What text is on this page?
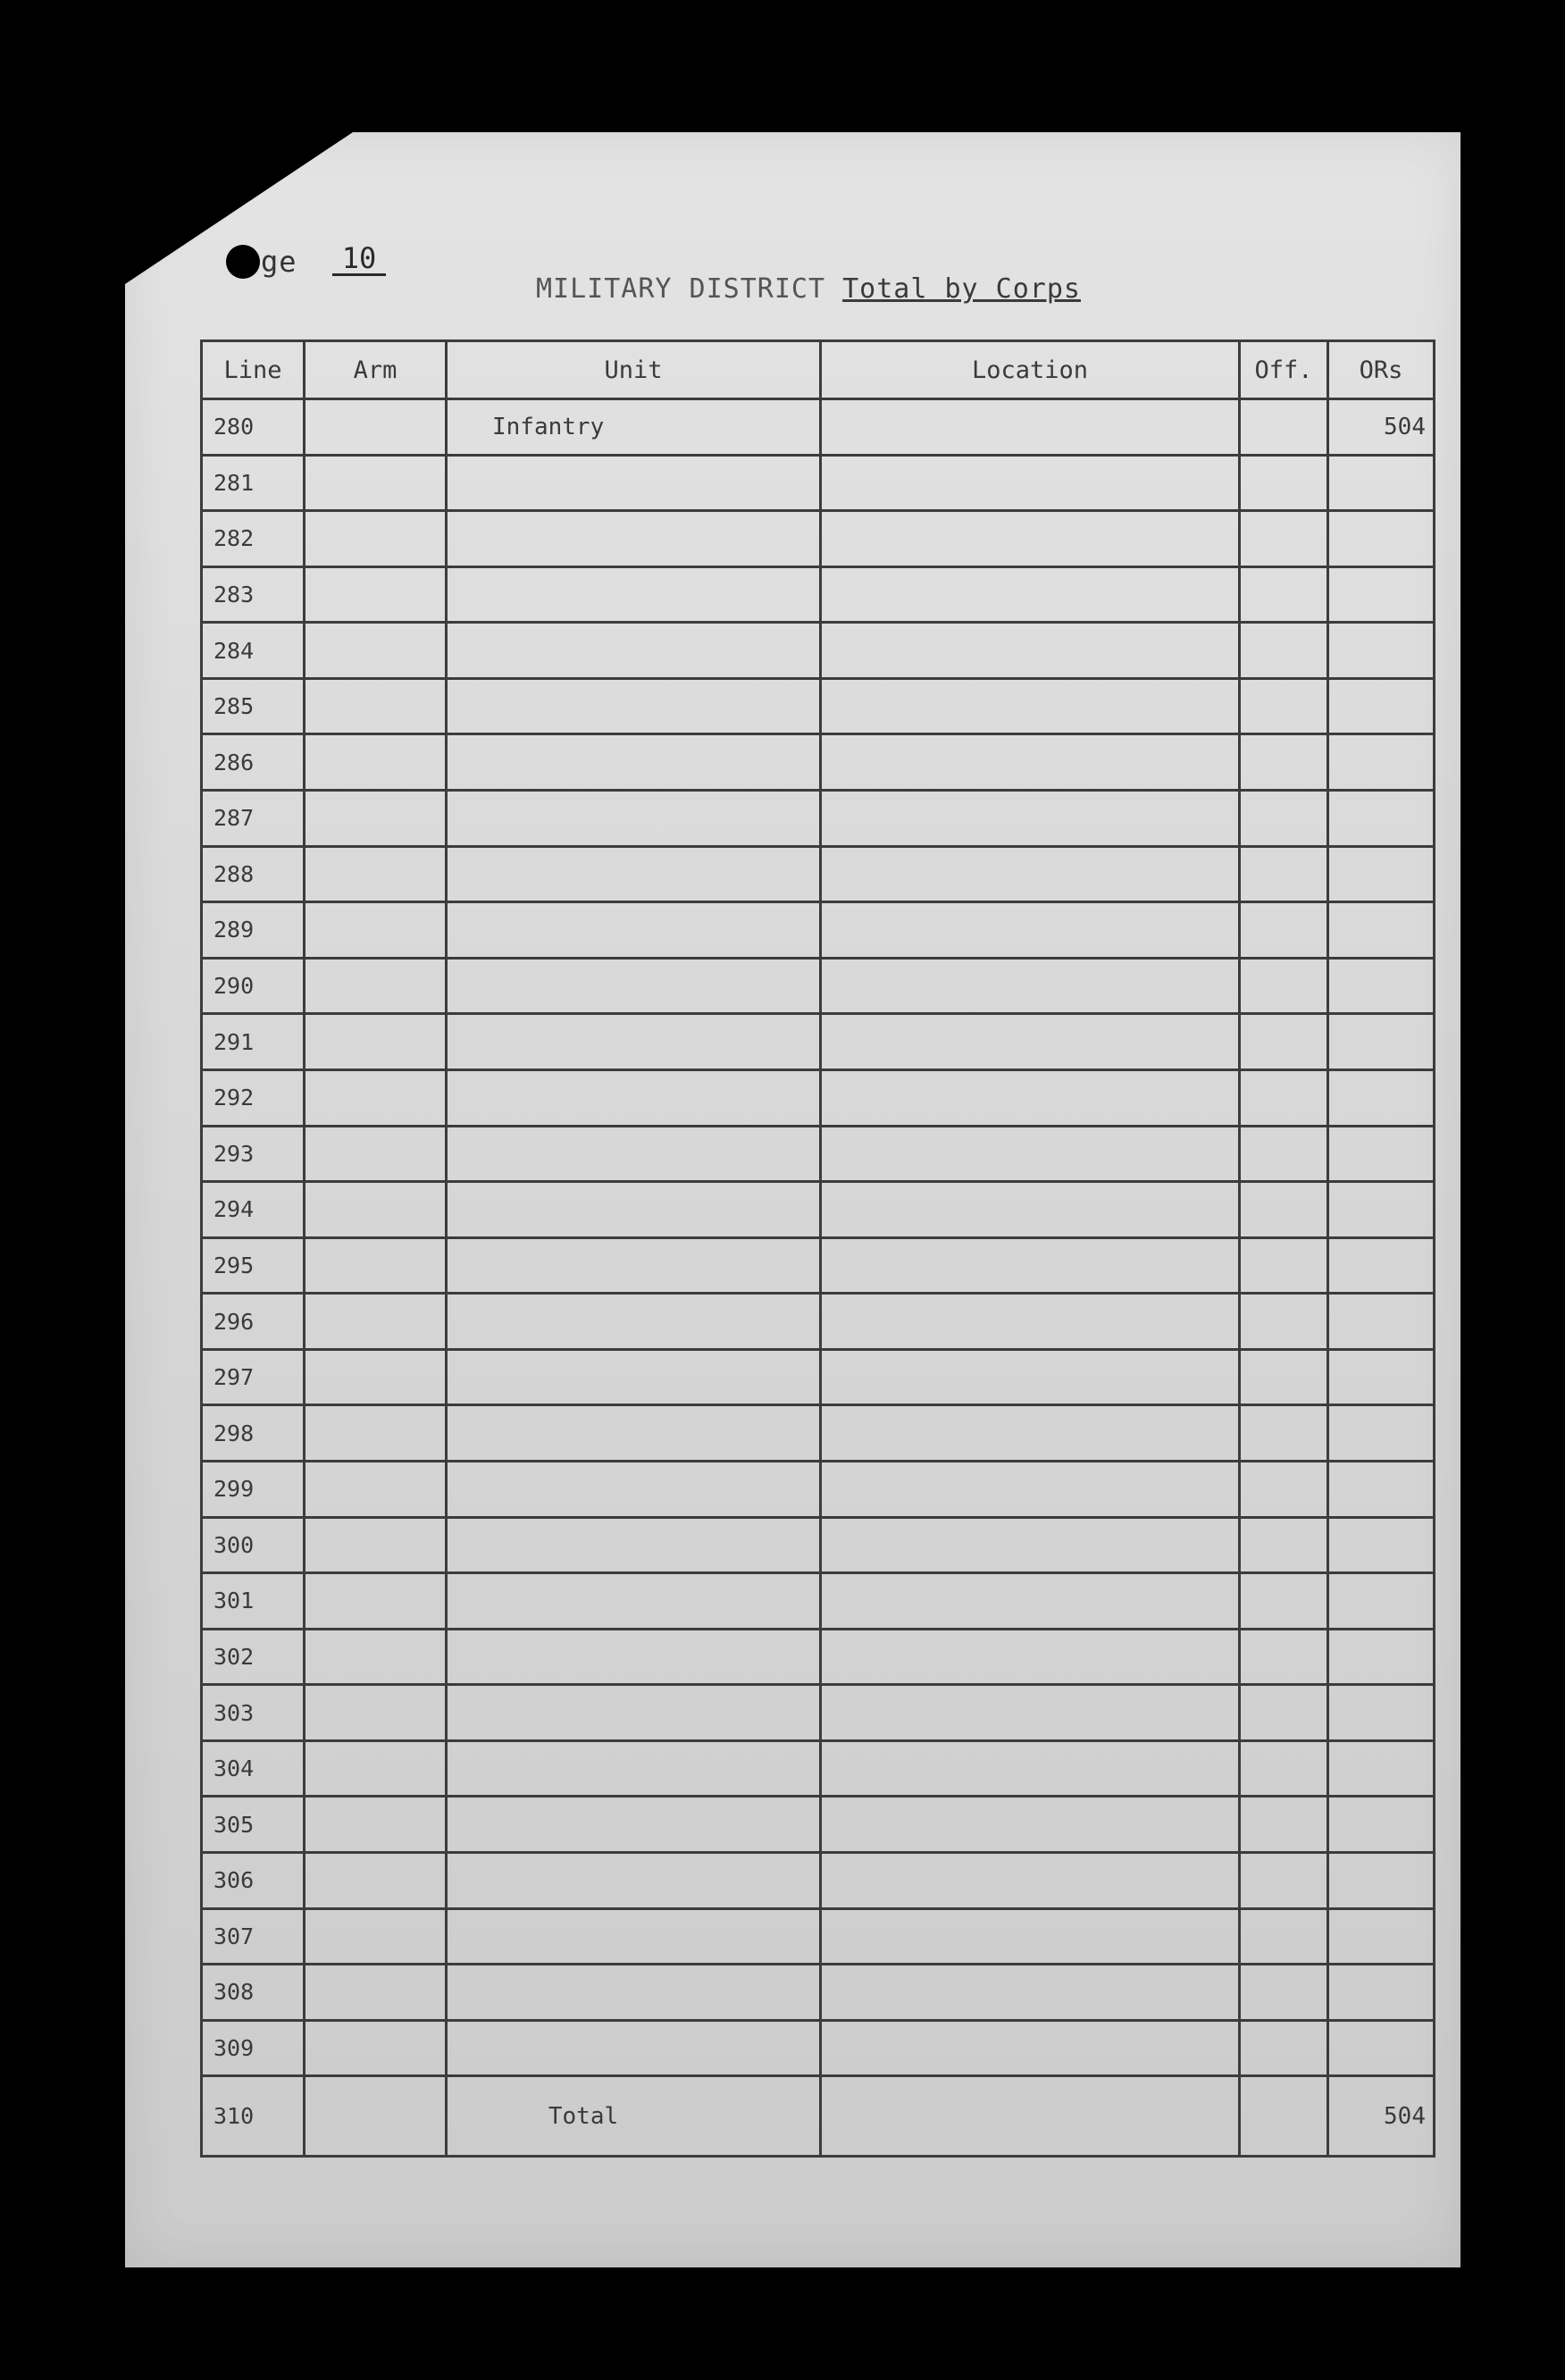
ge	10
MILITARY DISTRICT Total by Corps
Line	Arm	Unit	Location	Off.	ORs
280		Infantry			504
281					
282					
283					
284					
285					
286					
287					
288					
289					
290					
291					
292					
293					
294					
295					
296					
297					
298					
299					
300					
301					
302					
303					
304					
305					
306					
307					
308					
309					
310		Total			504
